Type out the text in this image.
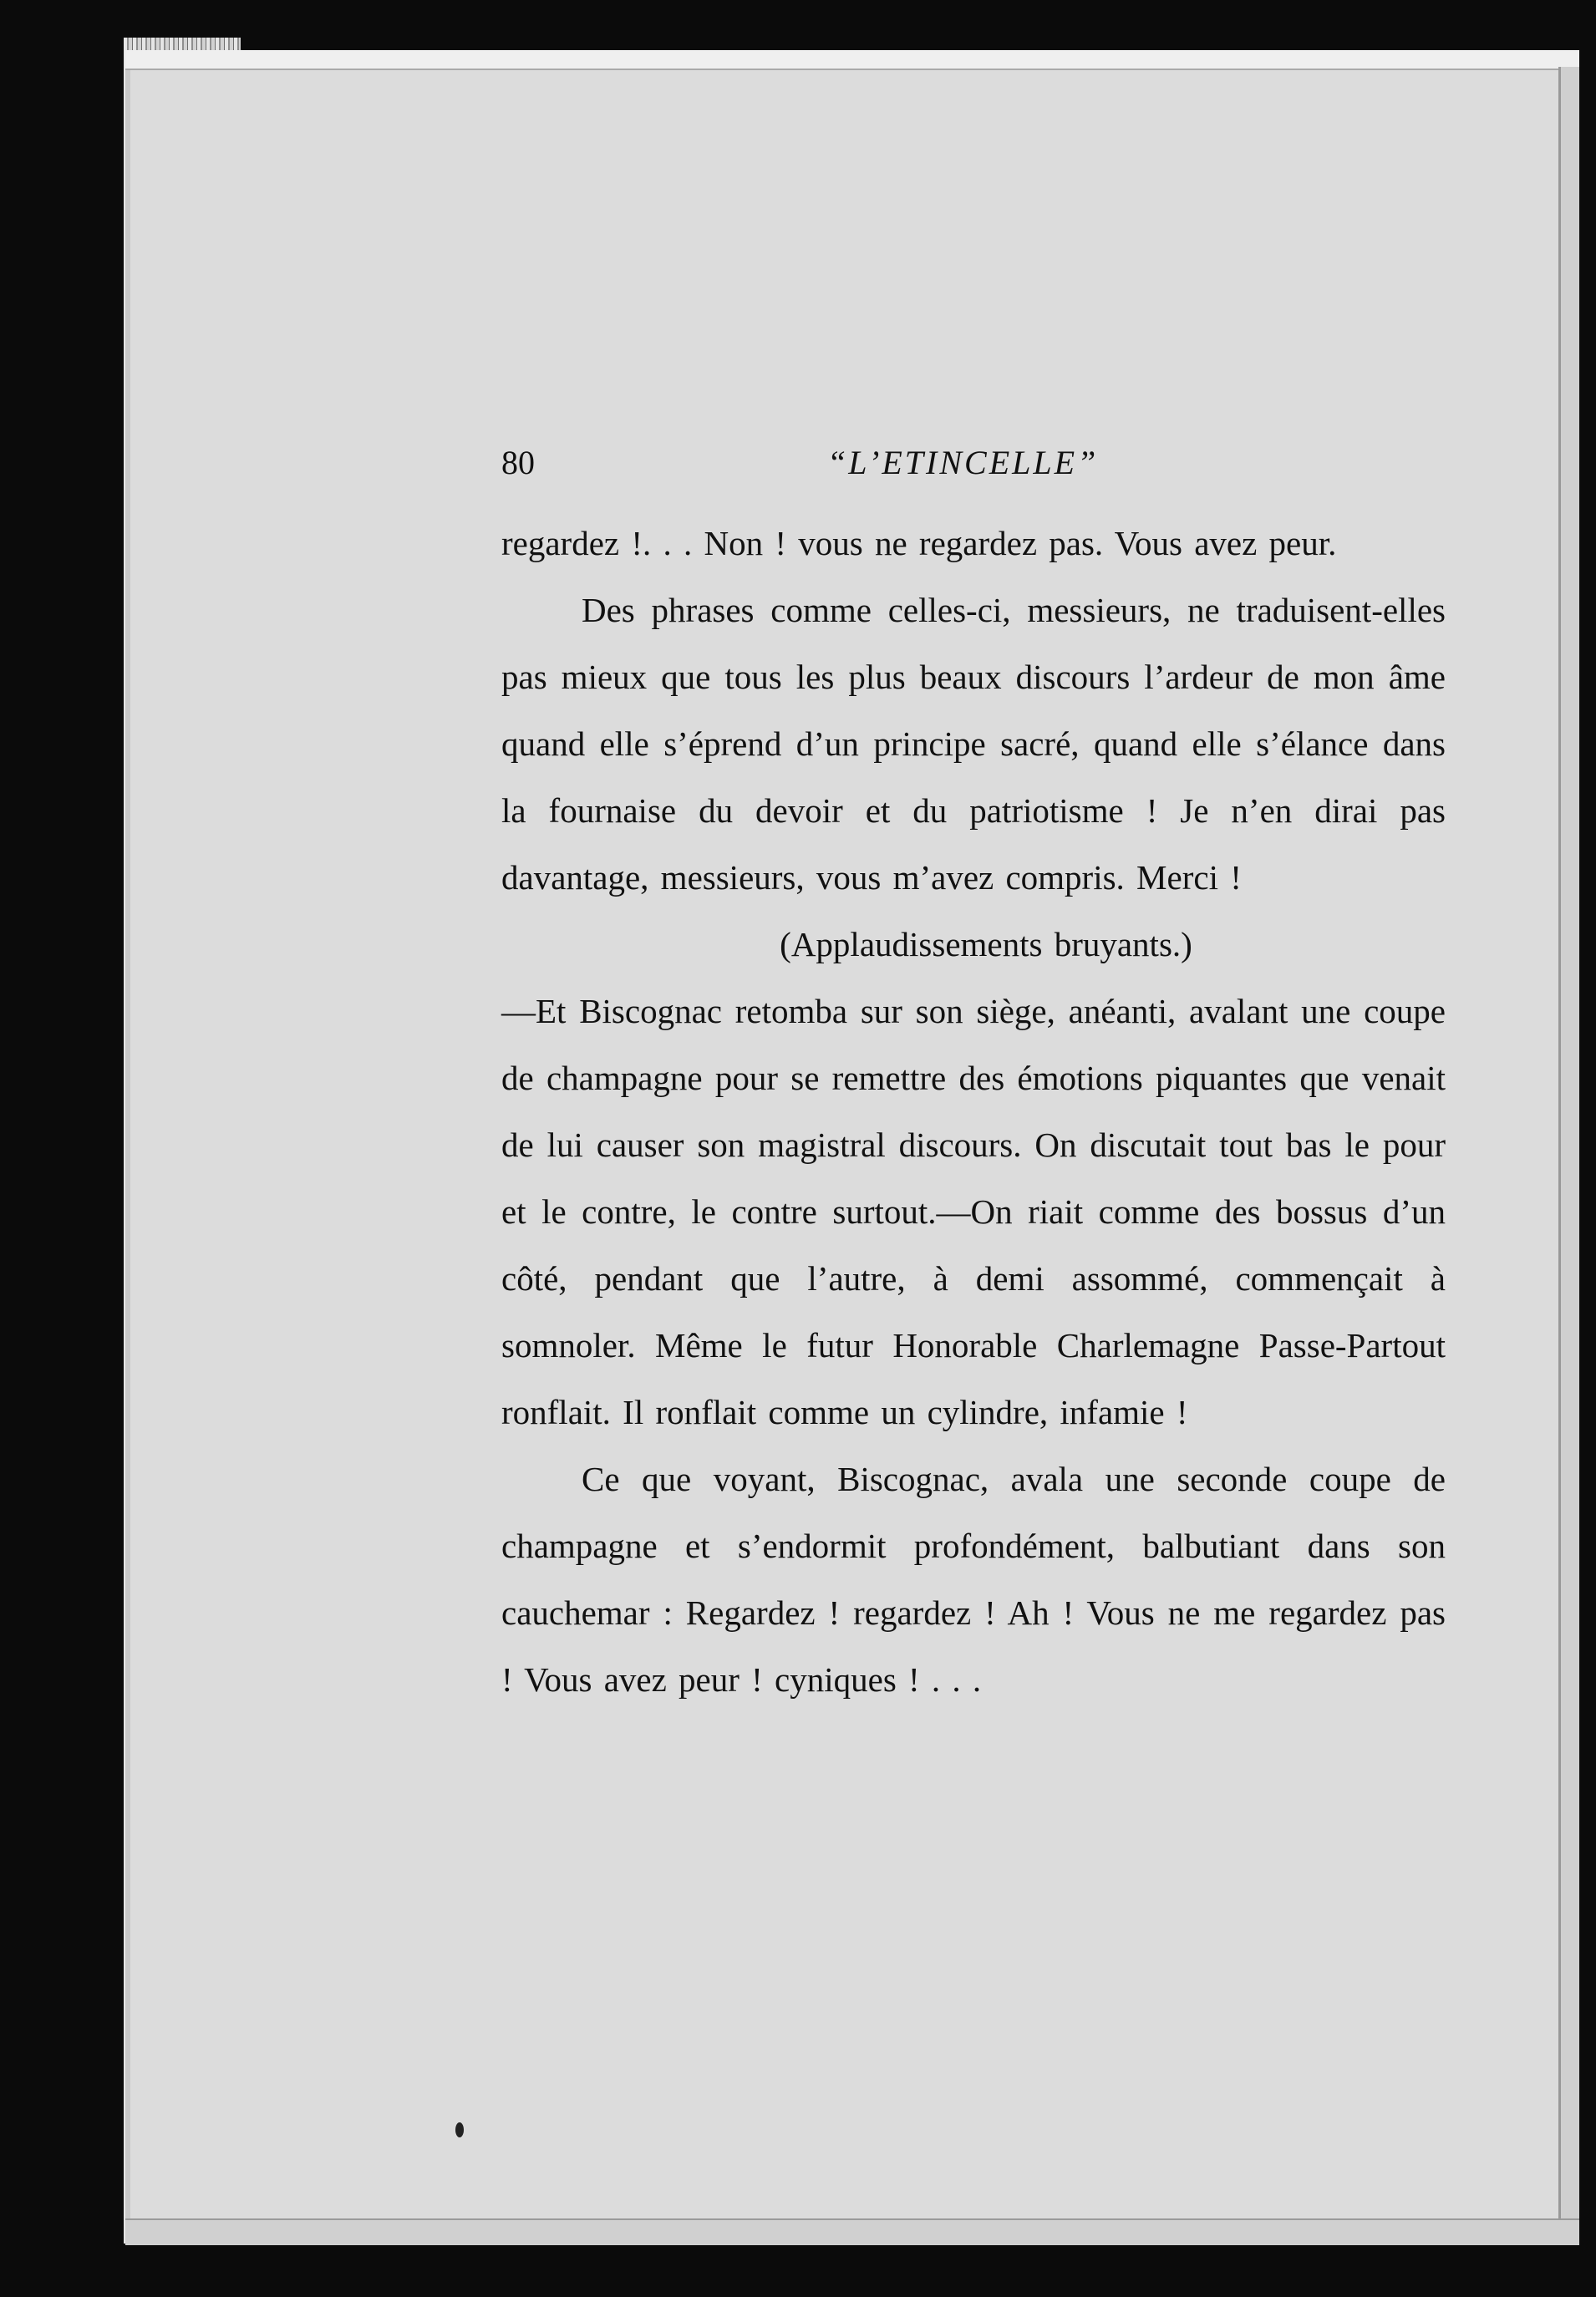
80	“L’ETINCELLE”

regardez !. . . Non ! vous ne regardez pas. Vous avez peur.

Des phrases comme celles-ci, messieurs, ne traduisent-elles pas mieux que tous les plus beaux discours l’ardeur de mon âme quand elle s’éprend d’un principe sacré, quand elle s’élance dans la fournaise du devoir et du patriotisme ! Je n’en dirai pas davantage, messieurs, vous m’avez compris. Merci !

(Applaudissements bruyants.)

—Et Biscognac retomba sur son siège, anéanti, avalant une coupe de champagne pour se remettre des émotions piquantes que venait de lui causer son magistral discours. On discutait tout bas le pour et le contre, le contre surtout.—On riait comme des bossus d’un côté, pendant que l’autre, à demi assommé, commençait à somnoler. Même le futur Honorable Charlemagne Passe-Partout ronflait. Il ronflait comme un cylindre, infamie !

Ce que voyant, Biscognac, avala une seconde coupe de champagne et s’endormit profondément, balbutiant dans son cauchemar : Regardez ! regardez ! Ah ! Vous ne me regardez pas ! Vous avez peur ! cyniques ! . . .
